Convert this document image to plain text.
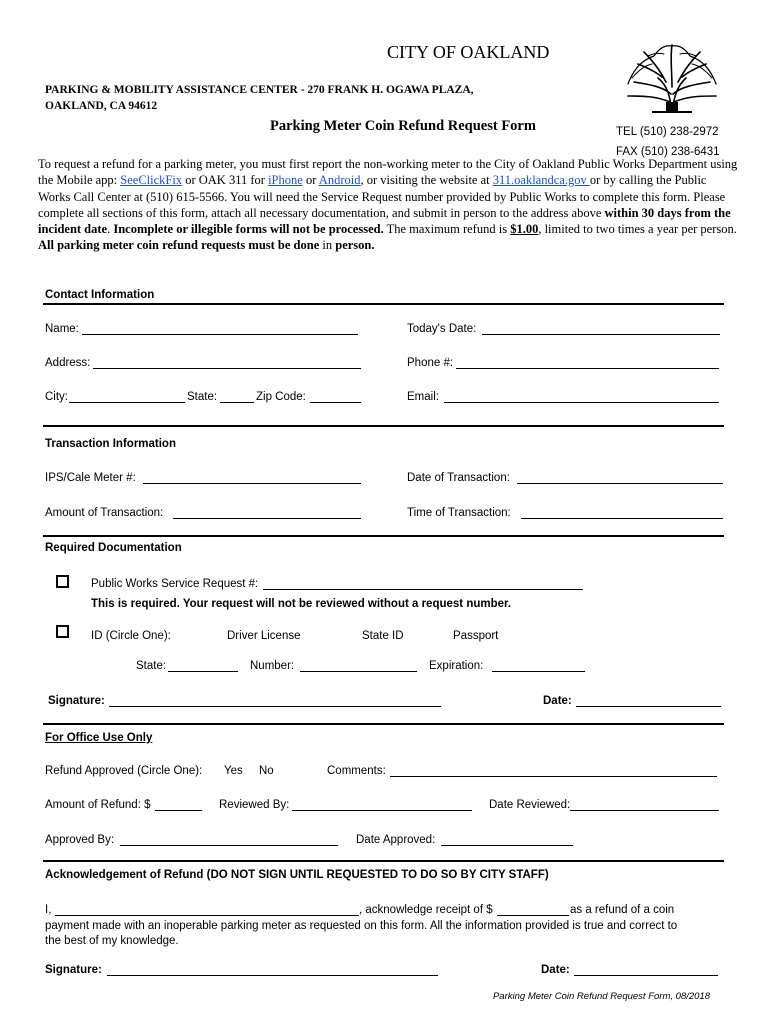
CITY OF OAKLAND
PARKING & MOBILITY ASSISTANCE CENTER - 270 FRANK H. OGAWA PLAZA,
OAKLAND, CA 94612
Parking Meter Coin Refund Request Form	TEL (510) 238-2972
FAX (510) 238-6431
To request a refund for a parking meter, you must first report the non-working meter to the City of Oakland Public Works Department using the Mobile app: SeeClickFix or OAK 311 for iPhone or Android, or visiting the website at 311.oaklandca.gov or by calling the Public Works Call Center at (510) 615-5566. You will need the Service Request number provided by Public Works to complete this form. Please complete all sections of this form, attach all necessary documentation, and submit in person to the address above within 30 days from the incident date. Incomplete or illegible forms will not be processed. The maximum refund is $1.00, limited to two times a year per person. All parking meter coin refund requests must be done in person.
Contact Information
Name:	Today's Date:
Address:	Phone #:
City:	State:	Zip Code:	Email:
Transaction Information
IPS/Cale Meter #:	Date of Transaction:
Amount of Transaction:	Time of Transaction:
Required Documentation
Public Works Service Request #:
This is required. Your request will not be reviewed without a request number.
ID (Circle One):	Driver License	State ID	Passport
State:	Number:	Expiration:
Signature:	Date:
For Office Use Only
Refund Approved (Circle One): Yes No	Comments:
Amount of Refund: $	Reviewed By:	Date Reviewed:
Approved By:	Date Approved:
Acknowledgement of Refund (DO NOT SIGN UNTIL REQUESTED TO DO SO BY CITY STAFF)
I,	, acknowledge receipt of $	as a refund of a coin
payment made with an inoperable parking meter as requested on this form. All the information provided is true and correct to
the best of my knowledge.
Signature:	Date:
Parking Meter Coin Refund Request Form, 08/2018
